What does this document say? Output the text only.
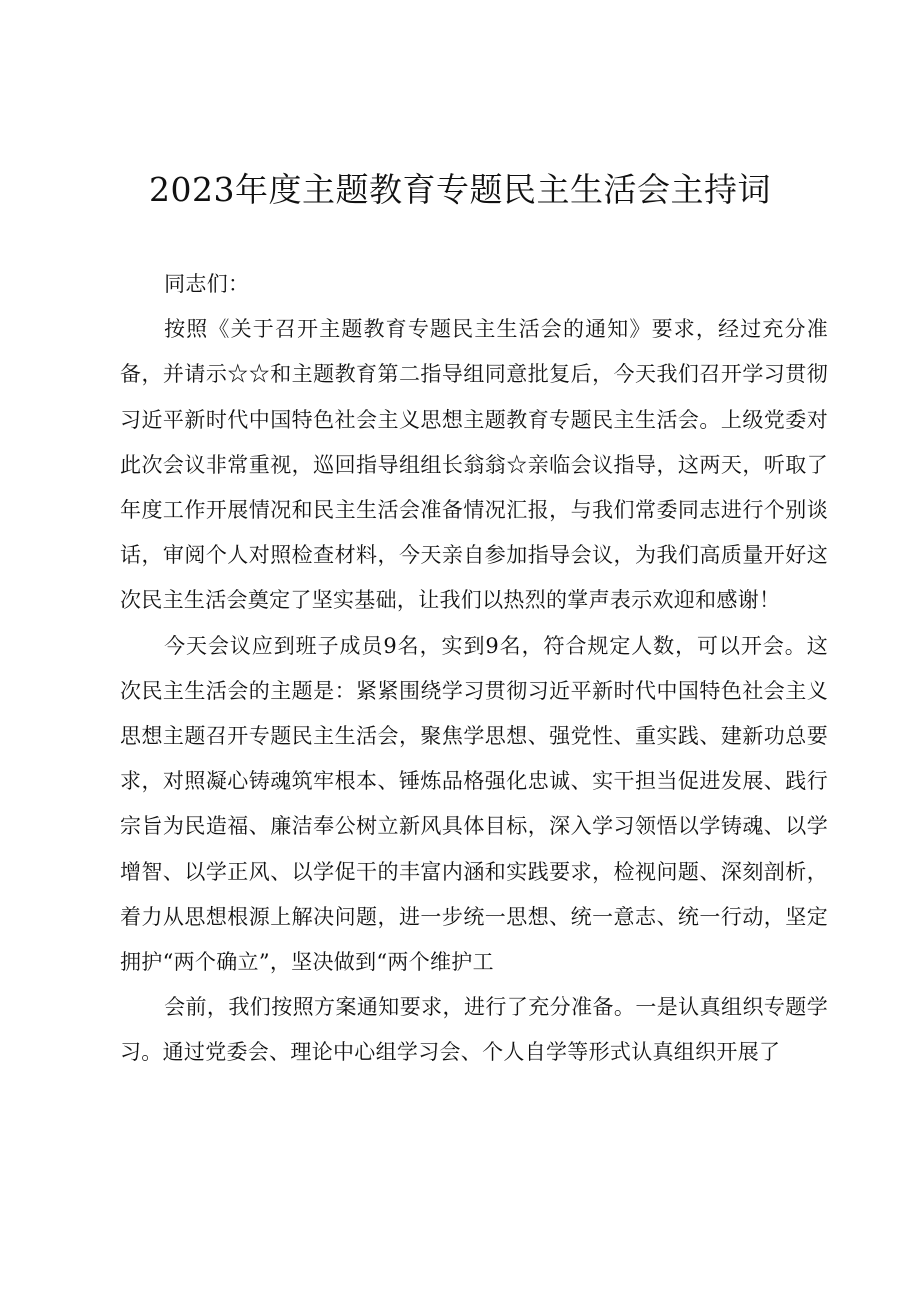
2023年度主题教育专题民主生活会主持词

同志们：

按照《关于召开主题教育专题民主生活会的通知》要求，经过充分准备，并请示☆☆和主题教育第二指导组同意批复后，今天我们召开学习贯彻习近平新时代中国特色社会主义思想主题教育专题民主生活会。上级党委对此次会议非常重视，巡回指导组组长翁翁☆亲临会议指导，这两天，听取了年度工作开展情况和民主生活会准备情况汇报，与我们常委同志进行个别谈话，审阅个人对照检查材料，今天亲自参加指导会议，为我们高质量开好这次民主生活会奠定了坚实基础，让我们以热烈的掌声表示欢迎和感谢！

今天会议应到班子成员9名，实到9名，符合规定人数，可以开会。这次民主生活会的主题是：紧紧围绕学习贯彻习近平新时代中国特色社会主义思想主题召开专题民主生活会，聚焦学思想、强党性、重实践、建新功总要求，对照凝心铸魂筑牢根本、锤炼品格强化忠诚、实干担当促进发展、践行宗旨为民造福、廉洁奉公树立新风具体目标，深入学习领悟以学铸魂、以学增智、以学正风、以学促干的丰富内涵和实践要求，检视问题、深刻剖析，着力从思想根源上解决问题，进一步统一思想、统一意志、统一行动，坚定拥护“两个确立”，坚决做到“两个维护工

会前，我们按照方案通知要求，进行了充分准备。一是认真组织专题学习。通过党委会、理论中心组学习会、个人自学等形式认真组织开展了
